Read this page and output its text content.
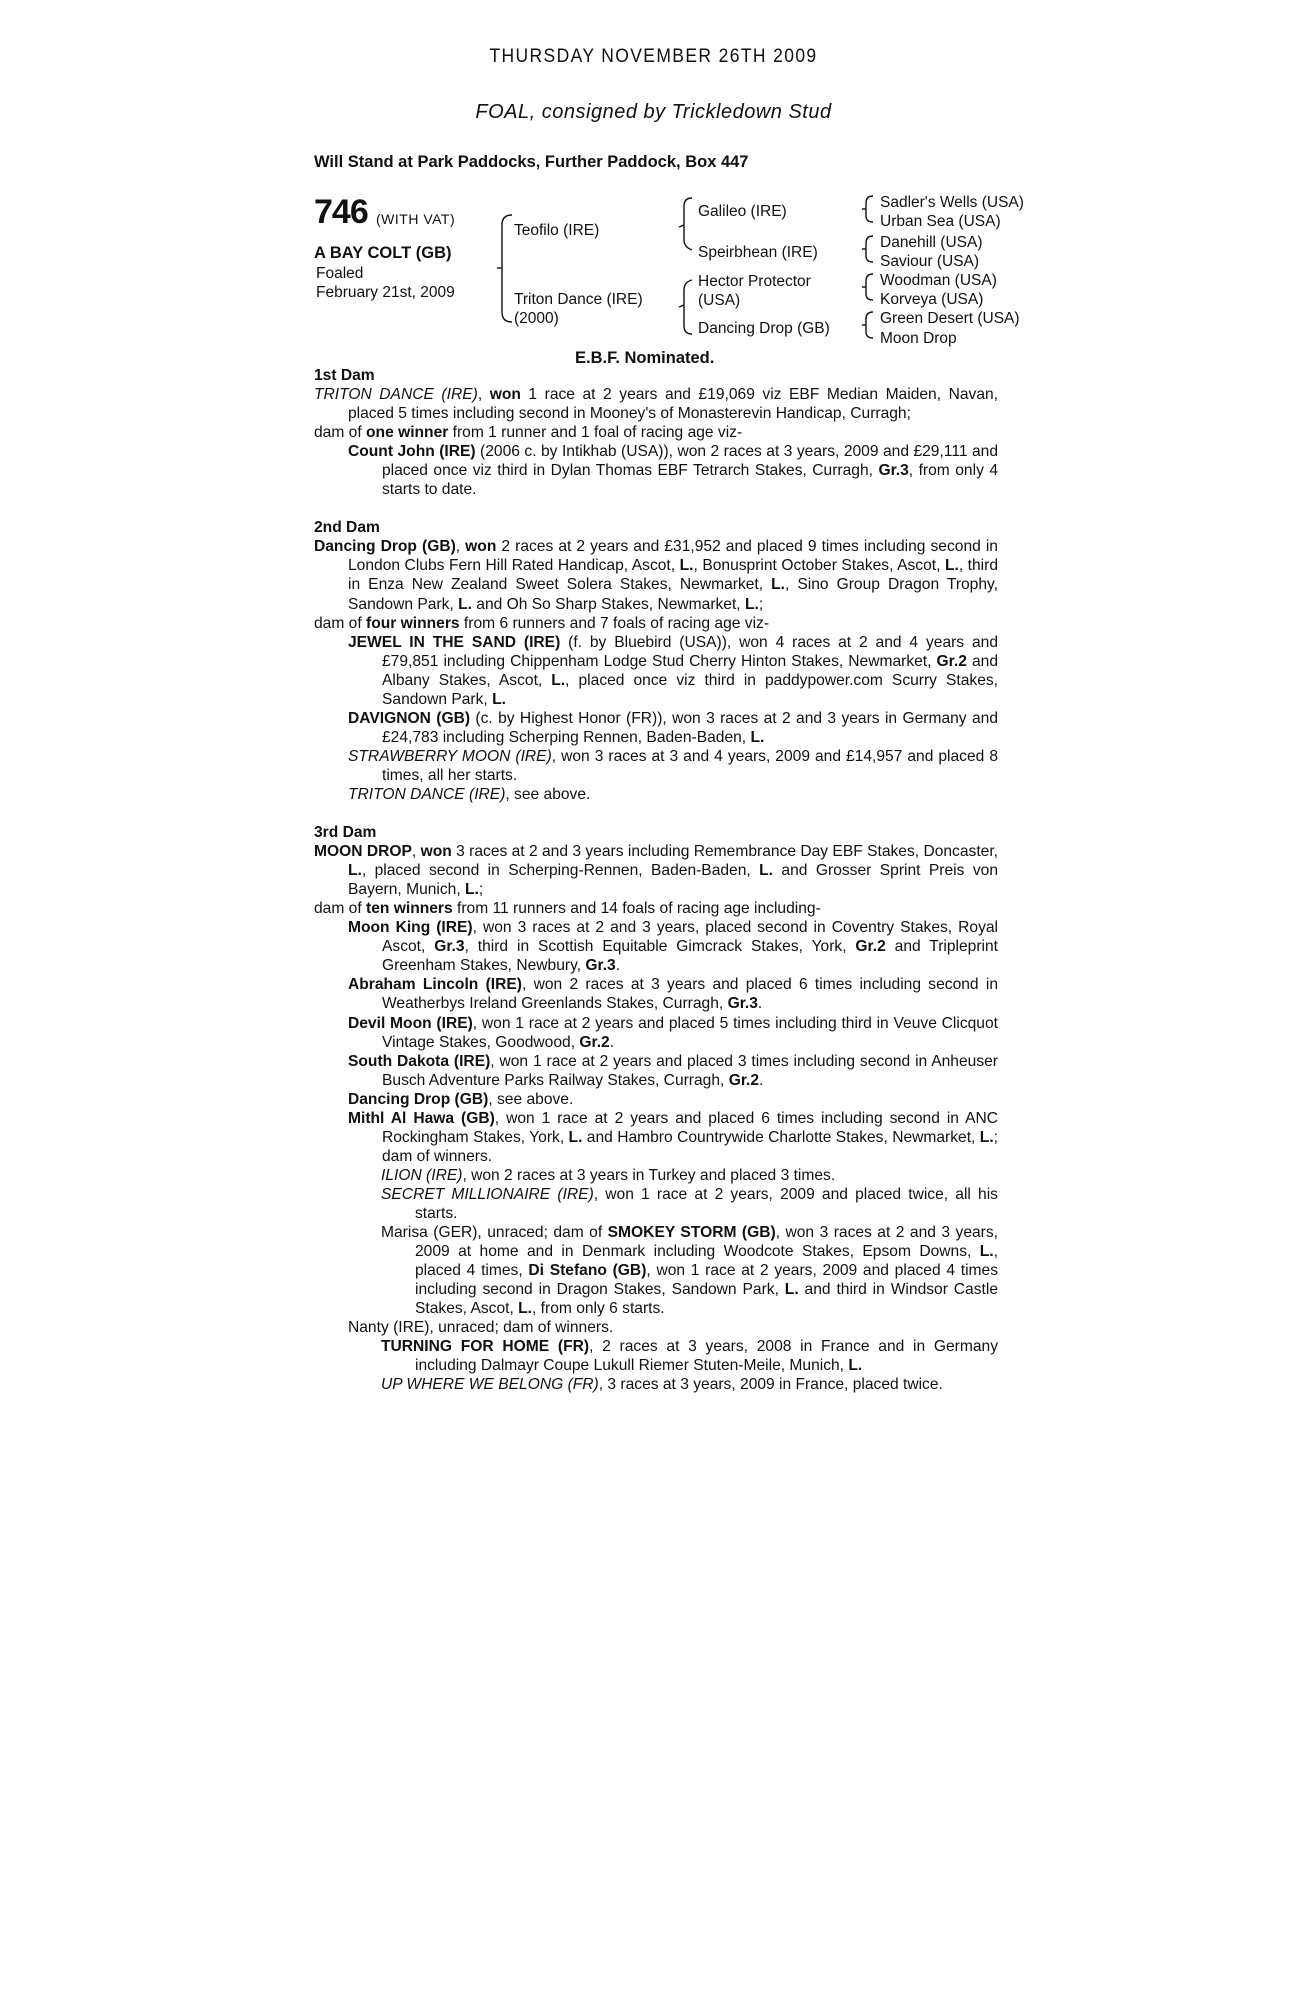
THURSDAY NOVEMBER 26TH 2009
FOAL, consigned by Trickledown Stud
Will Stand at Park Paddocks, Further Paddock, Box 447
746 (WITH VAT)
A BAY COLT (GB)
Foaled
February 21st, 2009
Teofilo (IRE)
Triton Dance (IRE)
(2000)
Galileo (IRE)
Speirbhean (IRE)
Hector Protector
(USA)
Dancing Drop (GB)
Sadler's Wells (USA)
Urban Sea (USA)
Danehill (USA)
Saviour (USA)
Woodman (USA)
Korveya (USA)
Green Desert (USA)
Moon Drop
E.B.F. Nominated.
1st Dam
TRITON DANCE (IRE), won 1 race at 2 years and £19,069 viz EBF Median Maiden, Navan, placed 5 times including second in Mooney's of Monasterevin Handicap, Curragh;
dam of one winner from 1 runner and 1 foal of racing age viz-
Count John (IRE) (2006 c. by Intikhab (USA)), won 2 races at 3 years, 2009 and £29,111 and placed once viz third in Dylan Thomas EBF Tetrarch Stakes, Curragh, Gr.3, from only 4 starts to date.
2nd Dam
Dancing Drop (GB), won 2 races at 2 years and £31,952 and placed 9 times including second in London Clubs Fern Hill Rated Handicap, Ascot, L., Bonusprint October Stakes, Ascot, L., third in Enza New Zealand Sweet Solera Stakes, Newmarket, L., Sino Group Dragon Trophy, Sandown Park, L. and Oh So Sharp Stakes, Newmarket, L.;
dam of four winners from 6 runners and 7 foals of racing age viz-
JEWEL IN THE SAND (IRE) (f. by Bluebird (USA)), won 4 races at 2 and 4 years and £79,851 including Chippenham Lodge Stud Cherry Hinton Stakes, Newmarket, Gr.2 and Albany Stakes, Ascot, L., placed once viz third in paddypower.com Scurry Stakes, Sandown Park, L.
DAVIGNON (GB) (c. by Highest Honor (FR)), won 3 races at 2 and 3 years in Germany and £24,783 including Scherping Rennen, Baden-Baden, L.
STRAWBERRY MOON (IRE), won 3 races at 3 and 4 years, 2009 and £14,957 and placed 8 times, all her starts.
TRITON DANCE (IRE), see above.
3rd Dam
MOON DROP, won 3 races at 2 and 3 years including Remembrance Day EBF Stakes, Doncaster, L., placed second in Scherping-Rennen, Baden-Baden, L. and Grosser Sprint Preis von Bayern, Munich, L.;
dam of ten winners from 11 runners and 14 foals of racing age including-
Moon King (IRE), won 3 races at 2 and 3 years, placed second in Coventry Stakes, Royal Ascot, Gr.3, third in Scottish Equitable Gimcrack Stakes, York, Gr.2 and Tripleprint Greenham Stakes, Newbury, Gr.3.
Abraham Lincoln (IRE), won 2 races at 3 years and placed 6 times including second in Weatherbys Ireland Greenlands Stakes, Curragh, Gr.3.
Devil Moon (IRE), won 1 race at 2 years and placed 5 times including third in Veuve Clicquot Vintage Stakes, Goodwood, Gr.2.
South Dakota (IRE), won 1 race at 2 years and placed 3 times including second in Anheuser Busch Adventure Parks Railway Stakes, Curragh, Gr.2.
Dancing Drop (GB), see above.
Mithl Al Hawa (GB), won 1 race at 2 years and placed 6 times including second in ANC Rockingham Stakes, York, L. and Hambro Countrywide Charlotte Stakes, Newmarket, L.; dam of winners.
ILION (IRE), won 2 races at 3 years in Turkey and placed 3 times.
SECRET MILLIONAIRE (IRE), won 1 race at 2 years, 2009 and placed twice, all his starts.
Marisa (GER), unraced; dam of SMOKEY STORM (GB), won 3 races at 2 and 3 years, 2009 at home and in Denmark including Woodcote Stakes, Epsom Downs, L., placed 4 times, Di Stefano (GB), won 1 race at 2 years, 2009 and placed 4 times including second in Dragon Stakes, Sandown Park, L. and third in Windsor Castle Stakes, Ascot, L., from only 6 starts.
Nanty (IRE), unraced; dam of winners.
TURNING FOR HOME (FR), 2 races at 3 years, 2008 in France and in Germany including Dalmayr Coupe Lukull Riemer Stuten-Meile, Munich, L.
UP WHERE WE BELONG (FR), 3 races at 3 years, 2009 in France, placed twice.
